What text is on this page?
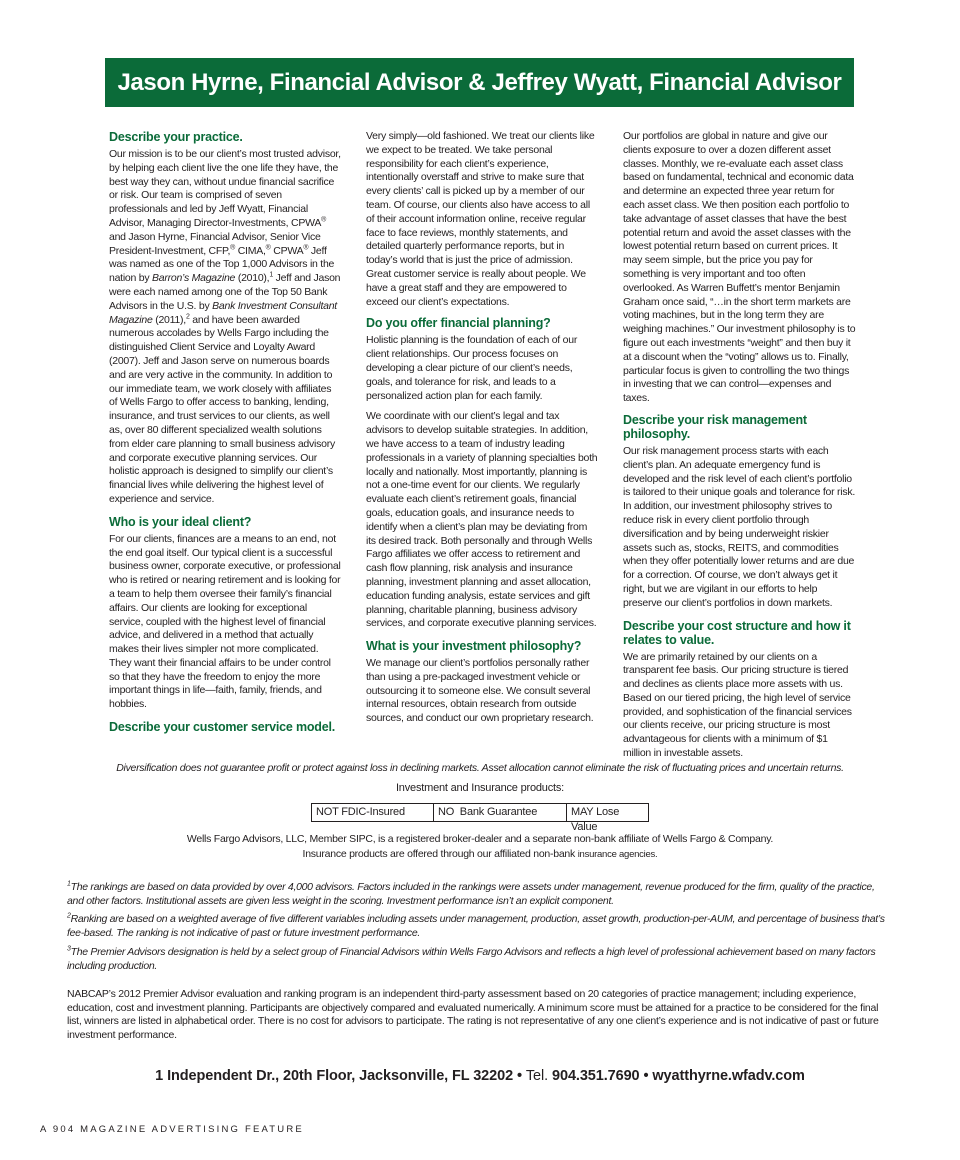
Jason Hyrne, Financial Advisor & Jeffrey Wyatt, Financial Advisor
Describe your practice.

Our mission is to be our client’s most trusted advisor, by helping each client live the one life they have, the best way they can, without undue financial sacrifice or risk. Our team is comprised of seven professionals and led by Jeff Wyatt, Financial Advisor, Managing Director-Investments, CPWA® and Jason Hyrne, Financial Advisor, Senior Vice President-Investment, CFP,® CIMA,® CPWA® Jeff was named as one of the Top 1,000 Advisors in the nation by Barron’s Magazine (2010),$^1$ Jeff and Jason were each named among one of the Top 50 Bank Advisors in the U.S. by Bank Investment Consultant Magazine (2011),$^2$ and have been awarded numerous accolades by Wells Fargo including the distinguished Client Service and Loyalty Award (2007). Jeff and Jason serve on numerous boards and are very active in the community. In addition to our immediate team, we work closely with affiliates of Wells Fargo to offer access to banking, lending, insurance, and trust services to our clients, as well as, over 80 different specialized wealth solutions from elder care planning to small business advisory and corporate executive planning services. Our holistic approach is designed to simplify our client’s financial lives while delivering the highest level of experience and service.

Who is your ideal client?

For our clients, finances are a means to an end, not the end goal itself. Our typical client is a successful business owner, corporate executive, or professional who is retired or nearing retirement and is looking for a team to help them oversee their family’s financial affairs. Our clients are looking for exceptional service, coupled with the highest level of financial advice, and delivered in a method that actually makes their lives simpler not more complicated. They want their financial affairs to be under control so that they have the freedom to enjoy the more important things in life—faith, family, friends, and hobbies.

Describe your customer service model.

Very simply—old fashioned. We treat our clients like we expect to be treated. We take personal responsibility for each client’s experience, intentionally overstaff and strive to make sure that every clients’ call is picked up by a member of our team. Of course, our clients also have access to all of their account information online, receive regular face to face reviews, monthly statements, and detailed quarterly performance reports, but in today’s world that is just the price of admission. Great customer service is really about people. We have a great staff and they are empowered to exceed our client’s expectations.

Do you offer financial planning?

Holistic planning is the foundation of each of our client relationships. Our process focuses on developing a clear picture of our client’s needs, goals, and tolerance for risk, and leads to a personalized action plan for each family.

We coordinate with our client’s legal and tax advisors to develop suitable strategies. In addition, we have access to a team of industry leading professionals in a variety of planning specialties both locally and nationally. Most importantly, planning is not a one-time event for our clients. We regularly evaluate each client’s retirement goals, financial goals, education goals, and insurance needs to identify when a client’s plan may be deviating from its desired track. Both personally and through Wells Fargo affiliates we offer access to retirement and cash flow planning, risk analysis and insurance planning, investment planning and asset allocation, education funding analysis, estate services and gift planning, charitable planning, business advisory services, and corporate executive planning services.

What is your investment philosophy?

We manage our client’s portfolios personally rather than using a pre-packaged investment vehicle or outsourcing it to someone else. We consult several internal resources, obtain research from outside sources, and conduct our own proprietary research.

Our portfolios are global in nature and give our clients exposure to over a dozen different asset classes. Monthly, we re-evaluate each asset class based on fundamental, technical and economic data and determine an expected three year return for each asset class. We then position each portfolio to take advantage of asset classes that have the best potential return and avoid the asset classes with the lowest potential return based on current prices. It may seem simple, but the price you pay for something is very important and too often overlooked. As Warren Buffett’s mentor Benjamin Graham once said, “…in the short term markets are voting machines, but in the long term they are weighing machines.” Our investment philosophy is to figure out each investments “weight” and then buy it at a discount when the “voting” allows us to. Finally, particular focus is given to controlling the two things in investing that we can control—expenses and taxes.

Describe your risk management philosophy.

Our risk management process starts with each client’s plan. An adequate emergency fund is developed and the risk level of each client’s portfolio is tailored to their unique goals and tolerance for risk. In addition, our investment philosophy strives to reduce risk in every client portfolio through diversification and by being underweight riskier assets such as, stocks, REITS, and commodities when they offer potentially lower returns and are due for a correction. Of course, we don’t always get it right, but we are vigilant in our efforts to help preserve our client’s portfolios in down markets.

Describe your cost structure and how it relates to value.

We are primarily retained by our clients on a transparent fee basis. Our pricing structure is tiered and declines as clients place more assets with us. Based on our tiered pricing, the high level of service provided, and sophistication of the financial services our clients receive, our pricing structure is most advantageous for clients with a minimum of $1 million in investable assets.

Diversification does not guarantee profit or protect against loss in declining markets. Asset allocation cannot eliminate the risk of fluctuating prices and uncertain returns.
Investment and Insurance products:
NOT FDIC-Insured	NO  Bank Guarantee	MAY Lose Value
Wells Fargo Advisors, LLC, Member SIPC, is a registered broker-dealer and a separate non-bank affiliate of Wells Fargo & Company.
Insurance products are offered through our affiliated non-bank insurance agencies.

$^1$The rankings are based on data provided by over 4,000 advisors. Factors included in the rankings were assets under management, revenue produced for the firm, quality of the practice, and other factors. Institutional assets are given less weight in the scoring. Investment performance isn’t an explicit component.

$^2$Ranking are based on a weighted average of five different variables including assets under management, production, asset growth, production-per-AUM, and percentage of business that’s fee-based. The ranking is not indicative of past or future investment performance.

$^3$The Premier Advisors designation is held by a select group of Financial Advisors within Wells Fargo Advisors and reflects a high level of professional achievement based on many factors including production.

NABCAP’s 2012 Premier Advisor evaluation and ranking program is an independent third-party assessment based on 20 categories of practice management; including experience, education, cost and investment planning. Participants are objectively compared and evaluated numerically. A minimum score must be attained for a practice to be considered for the final list, winners are listed in alphabetical order. There is no cost for advisors to participate. The rating is not representative of any one client’s experience and is not indicative of past or future investment performance.

1 Independent Dr., 20th Floor, Jacksonville, FL 32202 • Tel. 904.351.7690 • wyatthyrne.wfadv.com
A 904 MAGAZINE ADVERTISING FEATURE
